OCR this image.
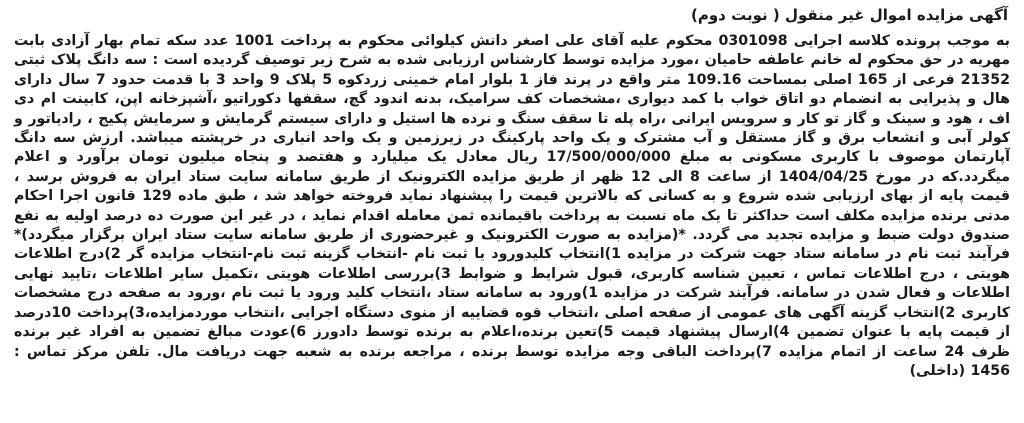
آگهی مزایده اموال غیر منقول ( نوبت دوم)

به موجب پرونده کلاسه اجرایی 0301098 محکوم علیه آقای علی اصغر دانش کیلوائی محکوم به پرداخت 1001 عدد سکه تمام بهار آزادی بابت مهریه در حق محکوم له خانم عاطفه حامیان ،مورد مزایده توسط کارشناس ارزیابی شده به شرح زیر توصیف گردیده است : سه دانگ پلاک ثبتی 21352 فرعی از 165 اصلی بمساحت 109.16 متر واقع در پرند فاز 1 بلوار امام خمینی زردکوه 5 پلاک 9 واحد 3 با قدمت حدود 7 سال دارای هال و پذیرایی به انضمام دو اتاق خواب با کمد دیواری ،مشخصات کف سرامیک، بدنه اندود گچ، سقفها دکوراتیو ،آشپزخانه اپن، کابینت ام دی اف ، هود و سینک و گاز تو کار و سرویس ایرانی ،راه پله تا سقف سنگ و نرده ها استیل و دارای سیستم گرمایش و سرمایش پکیج ، رادیاتور و کولر آبی و انشعاب برق و گاز مستقل و آب مشترک و یک واحد پارکینگ در زیرزمین و یک واحد انباری در خرپشته میباشد. ارزش سه دانگ آپارتمان موصوف با کاربری مسکونی به مبلغ 17/500/000/000 ریال معادل یک میلیارد و هفتصد و پنجاه میلیون تومان برآورد و اعلام میگردد.که در مورخ 1404/04/25 از ساعت 8 الی 12 ظهر از طریق مزایده الکترونیک از طریق سامانه سایت ستاد ایران به فروش برسد ، قیمت پایه از بهای ارزیابی شده شروع و به کسانی که بالاترین قیمت را پیشنهاد نماید فروخته خواهد شد ، طبق ماده 129 قانون اجرا احکام مدنی برنده مزایده مکلف است حداکثر تا یک ماه نسبت به پرداخت باقیمانده ثمن معامله اقدام نماید ، در غیر این صورت ده درصد اولیه به نفع صندوق دولت ضبط و مزایده تجدید می گردد. *(مزایده به صورت الکترونیک و غیرحضوری از طریق سامانه سایت ستاد ایران برگزار میگردد)* فرآیند ثبت نام در سامانه ستاد جهت شرکت در مزایده 1)انتخاب کلیدورود یا ثبت نام -انتخاب گزینه ثبت نام-انتخاب مزایده گر 2)درج اطلاعات هویتی ، درج اطلاعات تماس ، تعیین شناسه کاربری، قبول شرایط و ضوابط 3)بررسی اطلاعات هویتی ،تکمیل سایر اطلاعات ،تایید نهایی اطلاعات و فعال شدن در سامانه. فرآیند شرکت در مزایده 1)ورود به سامانه ستاد ،انتخاب کلید ورود یا ثبت نام ،ورود به صفحه درج مشخصات کاربری 2)انتخاب گزینه آگهی های عمومی از صفحه اصلی ،انتخاب قوه قضاییه از منوی دستگاه اجرایی ،انتخاب موردمزایده،3)پرداخت 10درصد از قیمت پایه با عنوان تضمین 4)ارسال پیشنهاد قیمت 5)تعین برنده،اعلام به برنده توسط دادورز 6)عودت مبالغ تضمین به افراد غیر برنده ظرف 24 ساعت از اتمام مزایده 7)پرداخت الباقی وجه مزایده توسط برنده ، مراجعه برنده به شعبه جهت دریافت مال. تلفن مرکز تماس : 1456 (داخلی)
